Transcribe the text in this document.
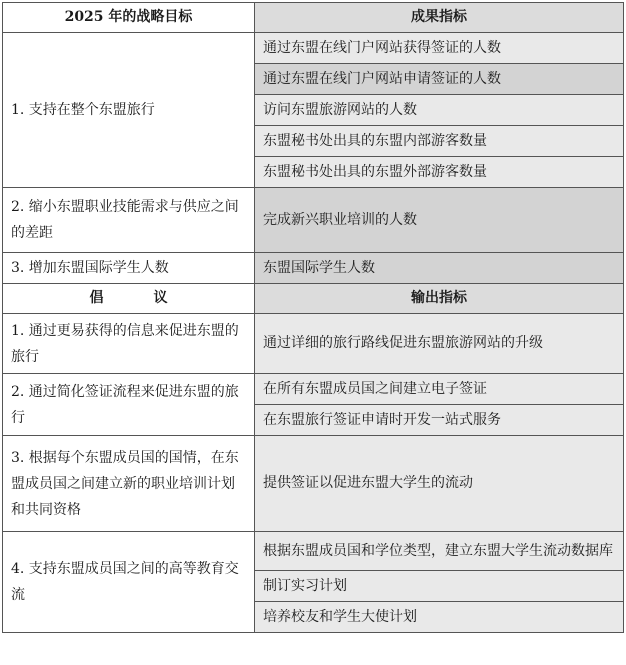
2025 年的战略目标	成果指标
1. 支持在整个东盟旅行	通过东盟在线门户网站获得签证的人数
	通过东盟在线门户网站申请签证的人数
	访问东盟旅游网站的人数
	东盟秘书处出具的东盟内部游客数量
	东盟秘书处出具的东盟外部游客数量
2. 缩小东盟职业技能需求与供应之间的差距	完成新兴职业培训的人数
3. 增加东盟国际学生人数	东盟国际学生人数
倡　议	输出指标
1. 通过更易获得的信息来促进东盟的旅行	通过详细的旅行路线促进东盟旅游网站的升级
2. 通过简化签证流程来促进东盟的旅行	在所有东盟成员国之间建立电子签证
	在东盟旅行签证申请时开发一站式服务
3. 根据每个东盟成员国的国情，在东盟成员国之间建立新的职业培训计划和共同资格	提供签证以促进东盟大学生的流动
4. 支持东盟成员国之间的高等教育交流	根据东盟成员国和学位类型，建立东盟大学生流动数据库
	制订实习计划
	培养校友和学生大使计划
